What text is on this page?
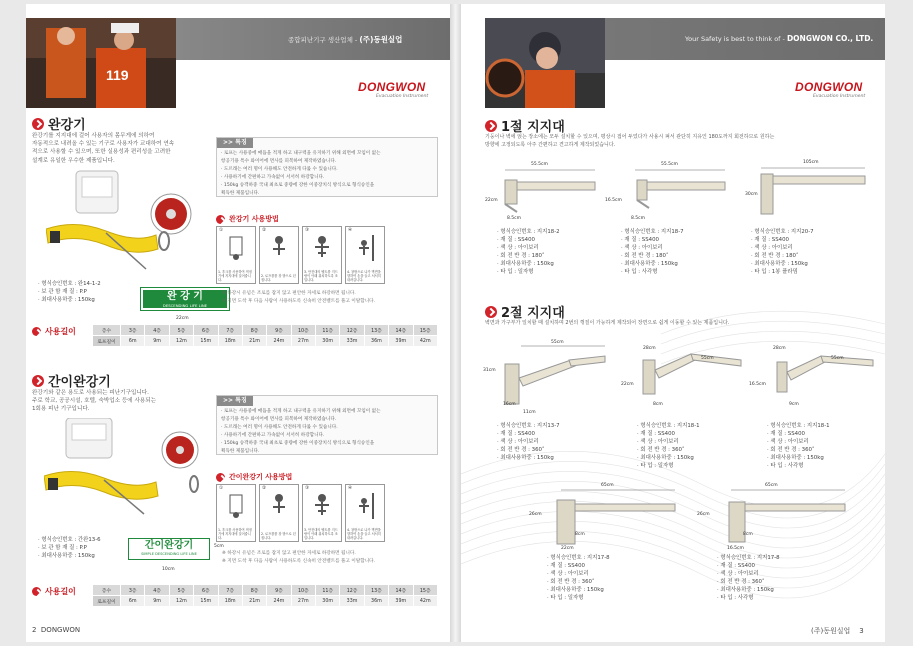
119
종합피난기구 생산업체 - (주)동원실업
DONGWON
Evacuation Instrument
완강기
완강기를 지지대에 걸어 사용자의 몸무게에 의하여
자동적으로 내려올 수 있는 기구로 사용자가 교대하여 연속
적으로 사용할 수 있으며, 또한 실용성과 편리성을 고려한
설계로 유일한 우수한 제품입니다.
· 형식승인번호 : 완14-1-2
· 보 관 함 재 질 : P.P
· 최대사용하중 : 150kg	완 강 기
DESCENDING LIFE LINE
22cm
>> 특징
· 로프는 사용중에 매듭을 적게 하고 내구력을 유지하기 위해 외면에 꼬임이 없는
항공기용 특수 와이어에 면사를 피복하여 제작하였습니다.
· 도르래는 여러 명이 사용해도 안전하게 다룰 수 있습니다.
· 사용하기에 간편하고 가속없이 서서히 하강합니다.
· 150kg 승객하중 국내 최초로 중량에 강한 이중장치식 방식으로 형식승인을
획득한 제품입니다.
완강기 사용방법
①
1. 후크를 사용하여 적정기에 지지대에 걸어줍니다.
②
2. 로프를를 창 밖으로 던집니다.
③
3. 안전대의 벨트를 겨드랑이 아래 위치하도록 조입니다.
④
4. 창밖으로 나가 벽면을 향하여 손을 들고 서서히 내려갑니다.
※ 하강시 유념은 조로를 잡지 않고 편안한 자세로 하강하면 됩니다.
※ 지면 도착 후 다음 사람이 사용하도록 신속히 안전벨트를 풀고 이탈합니다.
사용길이	층수	3층	4층	5층	6층	7층	8층	9층	10층	11층	12층	13층	14층	15층
로프길이	6m	9m	12m	15m	18m	21m	24m	27m	30m	33m	36m	39m	42m
간이완강기
완강기와 같은 용도로 사용되는 피난기구입니다.
주로 학교, 공공시설, 호텔, 숙박업소 등에 사용되는
1회용 피난 기구입니다.
· 형식승인번호 : 간완13-6
· 보 관 함 재 질 : P.P
· 최대사용하중 : 150kg
간이완강기
SIMPLE DESCENDING LIFE LINE
10cm
5cm
>> 특징
· 로프는 사용중에 매듭을 적게 하고 내구력을 유지하기 위해 외면에 꼬임이 없는
항공기용 특수 와이어에 면사를 피복하여 제작하였습니다.
· 도르래는 여러 명이 사용해도 안전하게 다룰 수 있습니다.
· 사용하기에 간편하고 가속없이 서서히 하강합니다.
· 150kg 승객하중 국내 최초로 중량에 강한 이중장치식 방식으로 형식승인을
획득한 제품입니다.
간이완강기 사용방법
①
1. 후크를 사용하여 적정기에 지지대에 걸어줍니다.
②
2. 로프를를 창 밖으로 던집니다.
③
3. 안전대의 벨트를 겨드랑이 아래 위치하도록 조입니다.
④
4. 창밖으로 나가 벽면을 향하여 손을 들고 서서히 내려갑니다.
※ 하강시 유념은 조로를 잡지 않고 편안한 자세로 하강하면 됩니다.
※ 지면 도착 후 다음 사람이 사용하도록 신속히 안전벨트를 풀고 이탈합니다.
사용길이	층수	3층	4층	5층	6층	7층	8층	9층	10층	11층	12층	13층	14층	15층
로프길이	6m	9m	12m	15m	18m	21m	24m	27m	30m	33m	36m	39m	42m
2 DONGWON
Your Safety is best to think of - DONGWON CO., LTD.
DONGWON
Evacuation Instrument
1절 지지대
기둥이나 벽에 얹는 장소에는 모두 설치할 수 있으며, 평상시 접어 두었다가 사용시 펴서 관단히 지유인 180도까지 회전하므로 원하는
방향에 고정되도록 아주 간편하고 견고하게 제작되었습니다.
55.5cm
22cm
8.5cm
55.5cm
16.5cm
8.5cm
105cm
30cm
· 형식승인번호 : 지지18-2
· 재 질 : SS400
· 색 상 : 아이보리
· 회 전 반 경 : 180˚
· 최대사용하중 : 150kg
· 타 입 : 일자형
· 형식승인번호 : 지지18-7
· 재 질 : SS400
· 색 상 : 아이보리
· 회 전 반 경 : 180˚
· 최대사용하중 : 150kg
· 타 입 : 사각형
· 형식승인번호 : 지지20-7
· 재 질 : SS400
· 색 상 : 아이보리
· 회 전 반 경 : 180˚
· 최대사용하중 : 150kg
· 타 입 : 1봉 플라밈
2절 지지대
벽면과 가구부가 일치할 때 설치하며 2번의 꺾질이 가능하게 제작되어 장면으로 쉽게 이동할 수 있는 제품입니다.
55cm
31cm
16cm
11cm
28cm
55cm
22cm
8cm
28cm
55cm
16.5cm
9cm
· 형식승인번호 : 지지13-7
· 재 질 : SS400
· 색 상 : 아이보리
· 회 전 반 경 : 360˚
· 최대사용하중 : 150kg
· 형식승인번호 : 지지18-1
· 재 질 : SS400
· 색 상 : 아이보리
· 회 전 반 경 : 360˚
· 최대사용하중 : 150kg
· 타 입 : 일자형
· 형식승인번호 : 지지18-1
· 재 질 : SS400
· 색 상 : 아이보리
· 회 전 반 경 : 360˚
· 최대사용하중 : 150kg
· 타 입 : 사각형
65cm
26cm
8cm
22cm
65cm
26cm
8cm
16.5cm
· 형식승인번호 : 지지17-8
· 재 질 : SS400
· 색 상 : 아이보리
· 회 전 반 경 : 360˚
· 최대사용하중 : 150kg
· 타 입 : 일자형
· 형식승인번호 : 지지17-8
· 재 질 : SS400
· 색 상 : 아이보리
· 회 전 반 경 : 360˚
· 최대사용하중 : 150kg
· 타 입 : 사각형
(주)동원실업 3
